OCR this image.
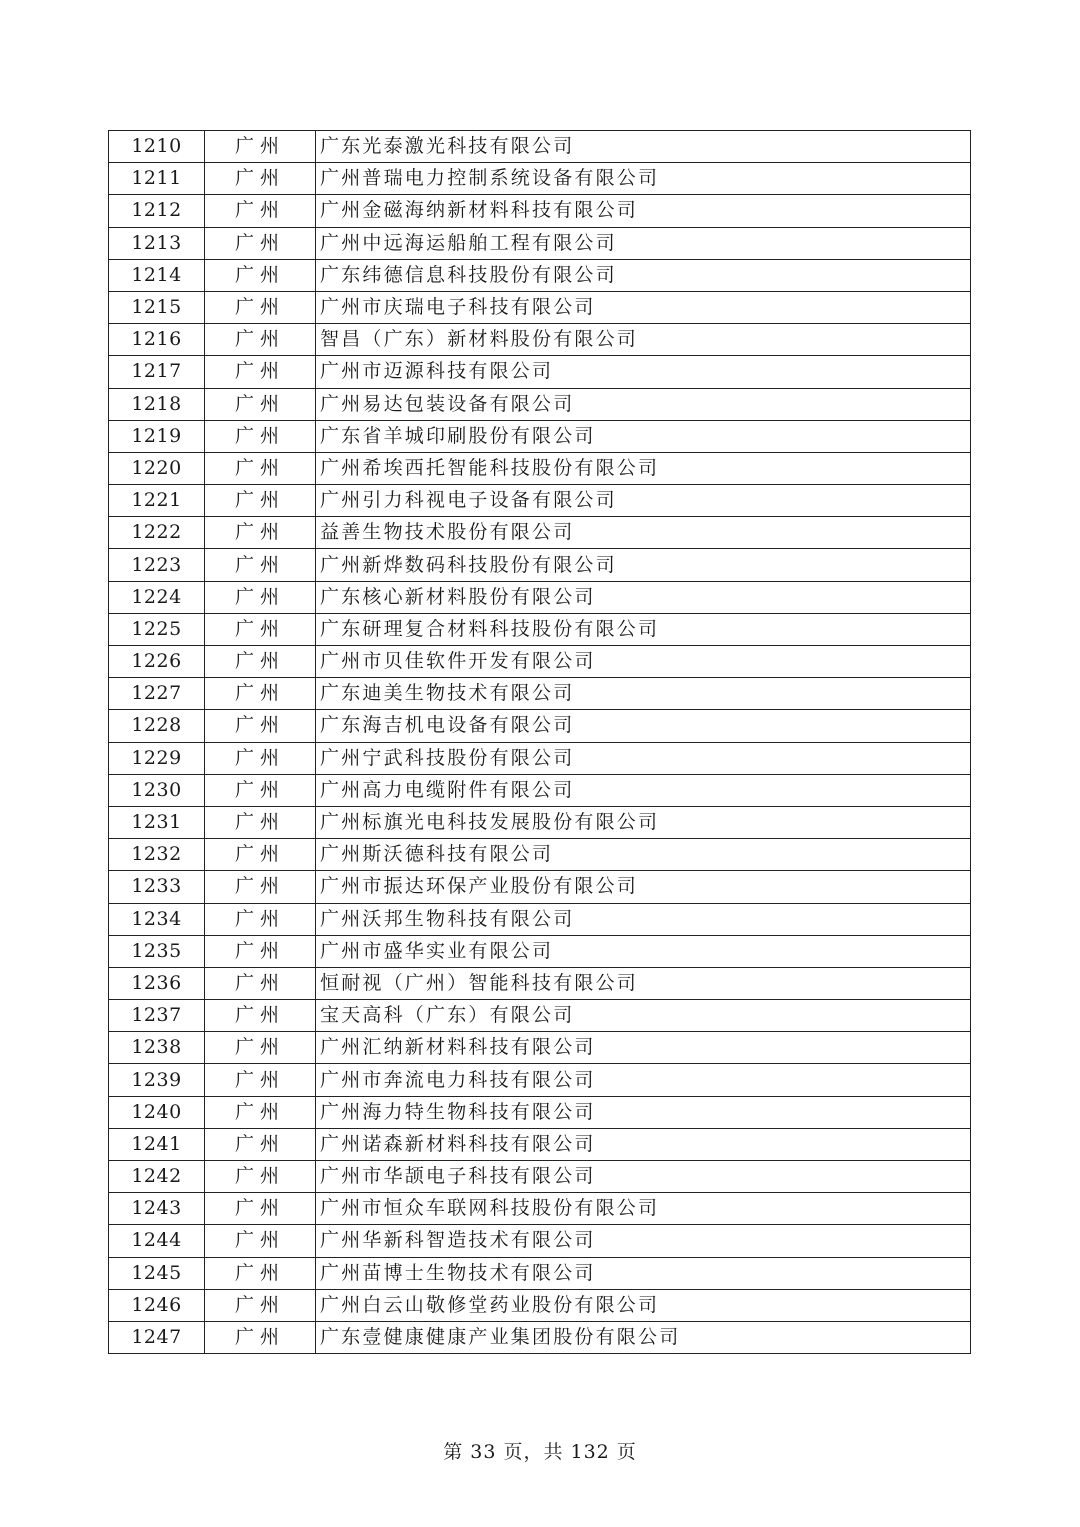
1210	广州	广东光泰激光科技有限公司
1211	广州	广州普瑞电力控制系统设备有限公司
1212	广州	广州金磁海纳新材料科技有限公司
1213	广州	广州中远海运船舶工程有限公司
1214	广州	广东纬德信息科技股份有限公司
1215	广州	广州市庆瑞电子科技有限公司
1216	广州	智昌（广东）新材料股份有限公司
1217	广州	广州市迈源科技有限公司
1218	广州	广州易达包装设备有限公司
1219	广州	广东省羊城印刷股份有限公司
1220	广州	广州希埃西托智能科技股份有限公司
1221	广州	广州引力科视电子设备有限公司
1222	广州	益善生物技术股份有限公司
1223	广州	广州新烨数码科技股份有限公司
1224	广州	广东核心新材料股份有限公司
1225	广州	广东研理复合材料科技股份有限公司
1226	广州	广州市贝佳软件开发有限公司
1227	广州	广东迪美生物技术有限公司
1228	广州	广东海吉机电设备有限公司
1229	广州	广州宁武科技股份有限公司
1230	广州	广州高力电缆附件有限公司
1231	广州	广州标旗光电科技发展股份有限公司
1232	广州	广州斯沃德科技有限公司
1233	广州	广州市振达环保产业股份有限公司
1234	广州	广州沃邦生物科技有限公司
1235	广州	广州市盛华实业有限公司
1236	广州	恒耐视（广州）智能科技有限公司
1237	广州	宝天高科（广东）有限公司
1238	广州	广州汇纳新材料科技有限公司
1239	广州	广州市奔流电力科技有限公司
1240	广州	广州海力特生物科技有限公司
1241	广州	广州诺森新材料科技有限公司
1242	广州	广州市华颉电子科技有限公司
1243	广州	广州市恒众车联网科技股份有限公司
1244	广州	广州华新科智造技术有限公司
1245	广州	广州苗博士生物技术有限公司
1246	广州	广州白云山敬修堂药业股份有限公司
1247	广州	广东壹健康健康产业集团股份有限公司
第 33 页，共 132 页
